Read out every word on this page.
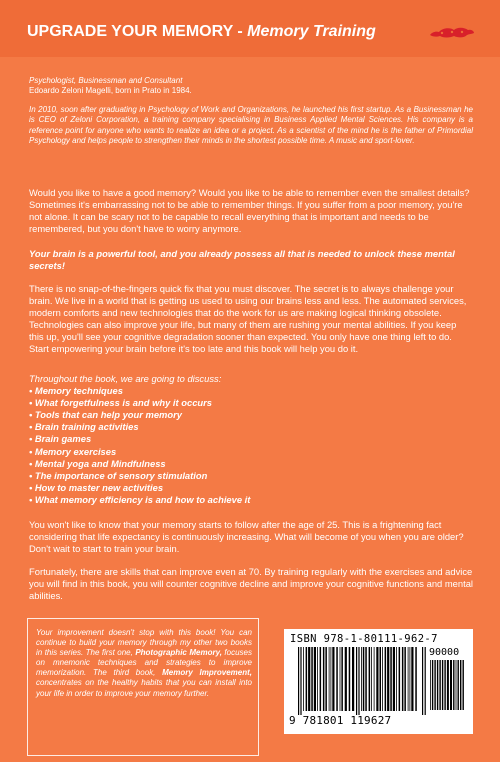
UPGRADE YOUR MEMORY - Memory Training

Psychologist, Businessman and Consultant

Edoardo Zeloni Magelli, born in Prato in 1984.

In 2010, soon after graduating in Psychology of Work and Organizations, he launched his first startup. As a Businessman he is CEO of Zeloni Corporation, a training company specialising in Business Applied Mental Sciences. His company is a reference point for anyone who wants to realize an idea or a project. As a scientist of the mind he is the father of Primordial Psychology and helps people to strengthen their minds in the shortest possible time. A music and sport-lover.

Would you like to have a good memory? Would you like to be able to remember even the smallest details? Sometimes it's embarrassing not to be able to remember things. If you suffer from a poor memory, you're not alone. It can be scary not to be capable to recall everything that is important and needs to be remembered, but you don't have to worry anymore.

Your brain is a powerful tool, and you already possess all that is needed to unlock these mental secrets!

There is no snap-of-the-fingers quick fix that you must discover. The secret is to always challenge your brain. We live in a world that is getting us used to using our brains less and less. The automated services, modern comforts and new technologies that do the work for us are making logical thinking obsolete. Technologies can also improve your life, but many of them are rushing your mental abilities. If you keep this up, you'll see your cognitive degradation sooner than expected. You only have one thing left to do. Start empowering your brain before it's too late and this book will help you do it.

Throughout the book, we are going to discuss:

• Memory techniques
• What forgetfulness is and why it occurs
• Tools that can help your memory
• Brain training activities
• Brain games
• Memory exercises
• Mental yoga and Mindfulness
• The importance of sensory stimulation
• How to master new activities
• What memory efficiency is and how to achieve it

You won't like to know that your memory starts to follow after the age of 25. This is a frightening fact considering that life expectancy is continuously increasing. What will become of you when you are older? Don't wait to start to train your brain.

Fortunately, there are skills that can improve even at 70. By training regularly with the exercises and advice you will find in this book, you will counter cognitive decline and improve your cognitive functions and mental abilities.

Your improvement doesn't stop with this book! You can continue to build your memory through my other two books in this series. The first one, Photographic Memory, focuses on mnemonic techniques and strategies to improve memorization. The third book, Memory Improvement, concentrates on the healthy habits that you can install into your life in order to improve your memory further.
ISBN 978-1-80111-962-7
90000
9 781801 119627
